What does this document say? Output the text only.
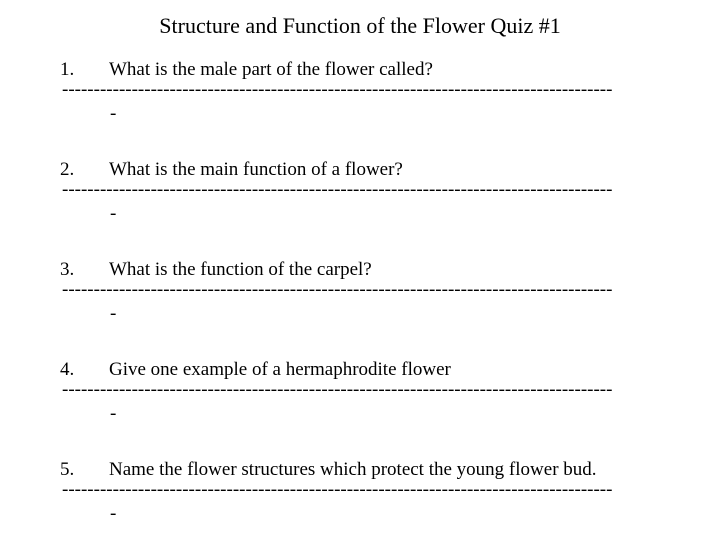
Structure and Function of the Flower Quiz #1
1. What is the male part of the flower called?
---------------------------------------------------------------------------------------
-
2. What is the main function of a flower?
---------------------------------------------------------------------------------------
-
3. What is the function of the carpel?
---------------------------------------------------------------------------------------
-
4. Give one example of a hermaphrodite flower
---------------------------------------------------------------------------------------
-
5. Name the flower structures which protect the young flower bud.
---------------------------------------------------------------------------------------
-
